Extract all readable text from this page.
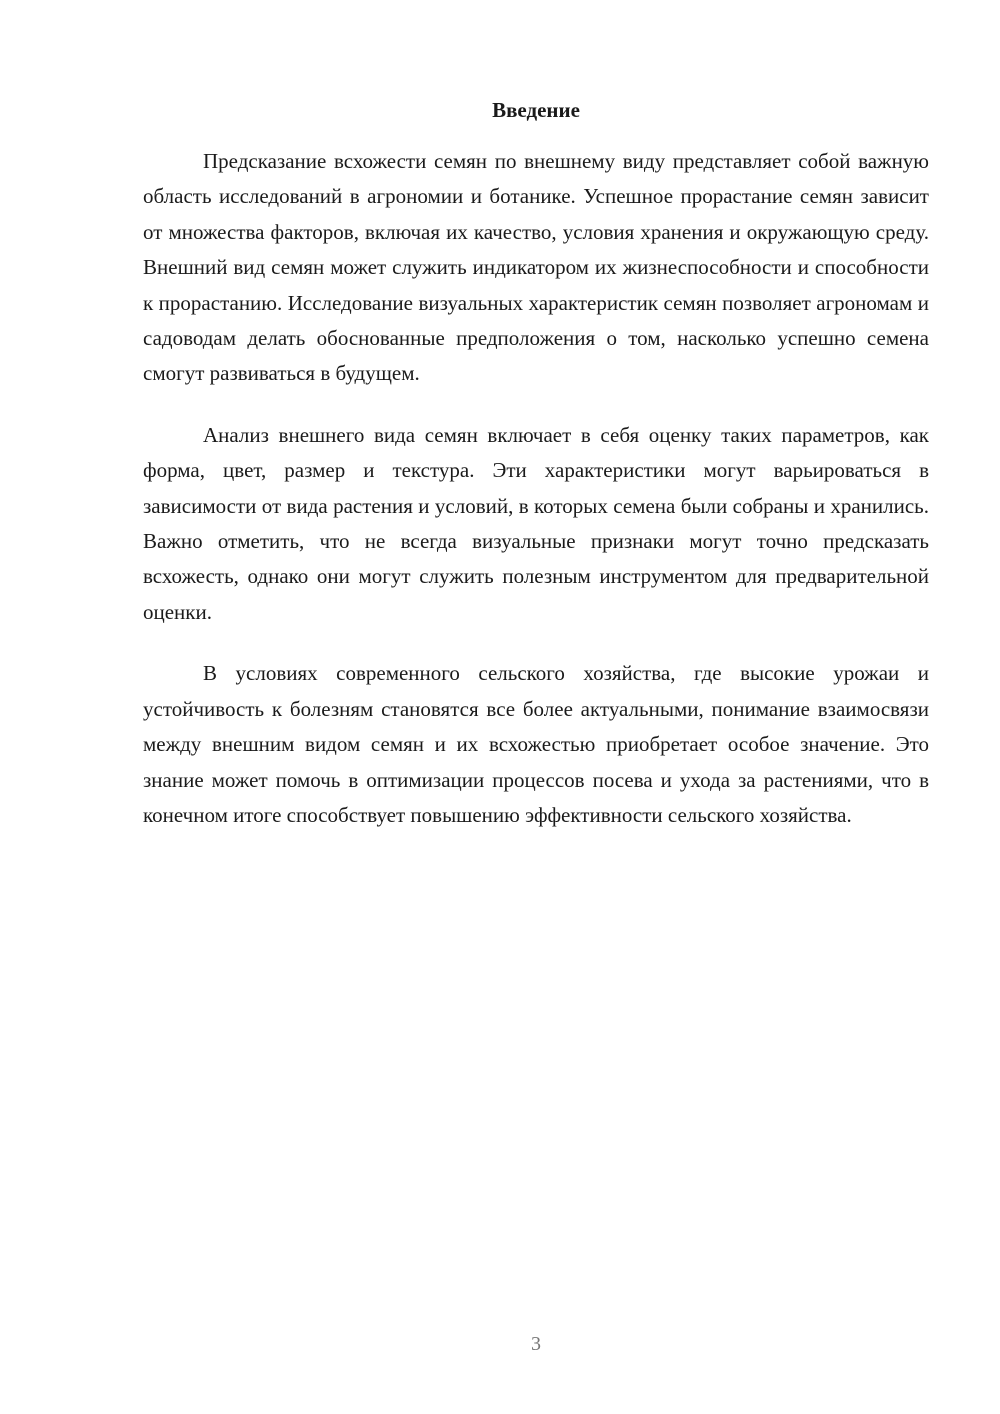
Введение

Предсказание всхожести семян по внешнему виду представляет собой важную область исследований в агрономии и ботанике. Успешное прорастание семян зависит от множества факторов, включая их качество, условия хранения и окружающую среду. Внешний вид семян может служить индикатором их жизнеспособности и способности к прорастанию. Исследование визуальных характеристик семян позволяет агрономам и садоводам делать обоснованные предположения о том, насколько успешно семена смогут развиваться в будущем.

Анализ внешнего вида семян включает в себя оценку таких параметров, как форма, цвет, размер и текстура. Эти характеристики могут варьироваться в зависимости от вида растения и условий, в которых семена были собраны и хранились. Важно отметить, что не всегда визуальные признаки могут точно предсказать всхожесть, однако они могут служить полезным инструментом для предварительной оценки.

В условиях современного сельского хозяйства, где высокие урожаи и устойчивость к болезням становятся все более актуальными, понимание взаимосвязи между внешним видом семян и их всхожестью приобретает особое значение. Это знание может помочь в оптимизации процессов посева и ухода за растениями, что в конечном итоге способствует повышению эффективности сельского хозяйства.

3
